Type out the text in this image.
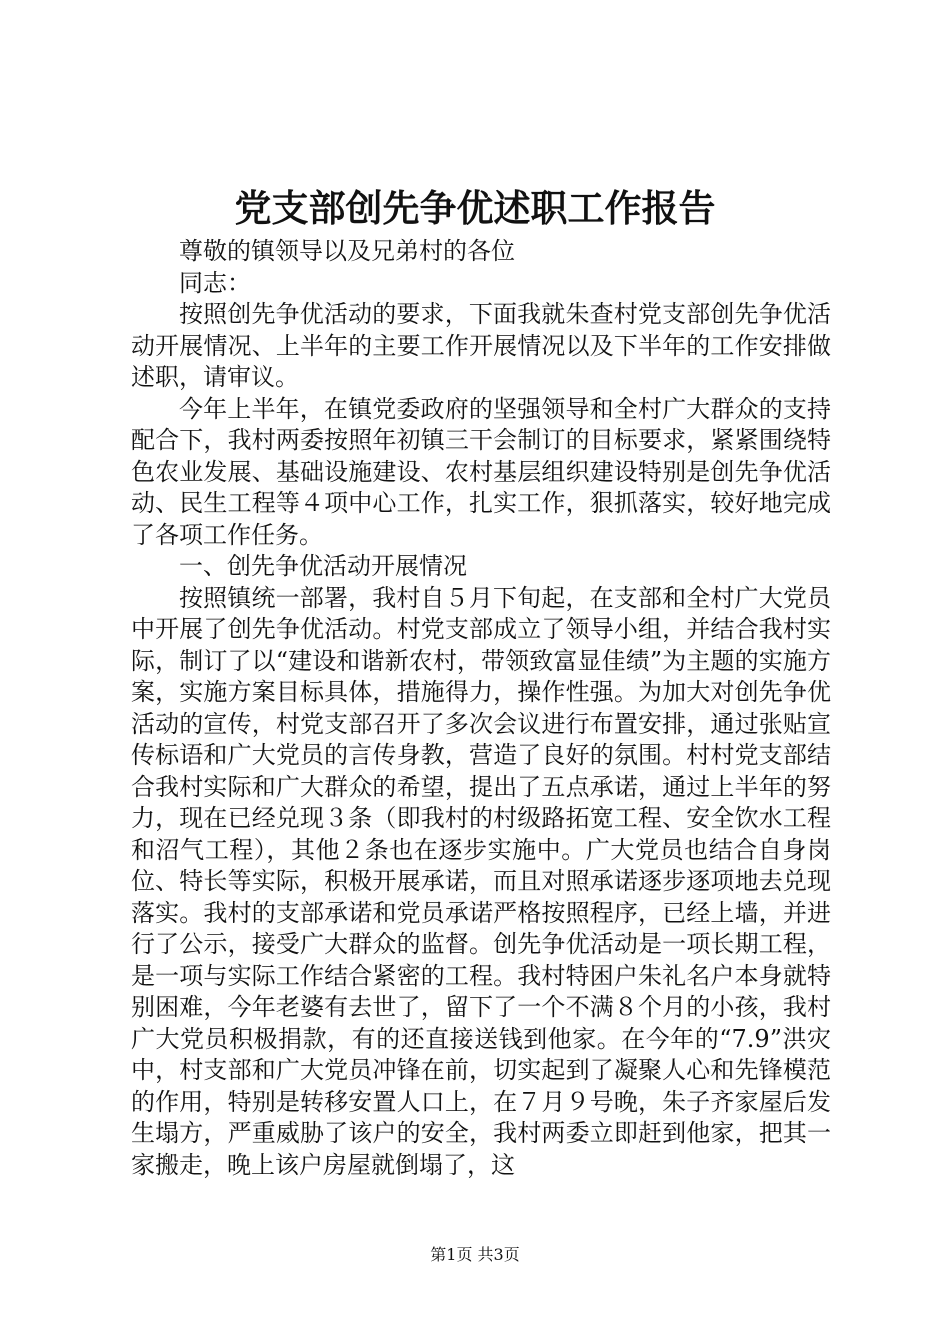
党支部创先争优述职工作报告

尊敬的镇领导以及兄弟村的各位

同志：

按照创先争优活动的要求，下面我就朱查村党支部创先争优活动开展情况、上半年的主要工作开展情况以及下半年的工作安排做述职，请审议。

今年上半年，在镇党委政府的坚强领导和全村广大群众的支持配合下，我村两委按照年初镇三干会制订的目标要求，紧紧围绕特色农业发展、基础设施建设、农村基层组织建设特别是创先争优活动、民生工程等４项中心工作，扎实工作，狠抓落实，较好地完成了各项工作任务。

一、创先争优活动开展情况

按照镇统一部署，我村自５月下旬起，在支部和全村广大党员中开展了创先争优活动。村党支部成立了领导小组，并结合我村实际，制订了以“建设和谐新农村，带领致富显佳绩”为主题的实施方案，实施方案目标具体，措施得力，操作性强。为加大对创先争优活动的宣传，村党支部召开了多次会议进行布置安排，通过张贴宣传标语和广大党员的言传身教，营造了良好的氛围。村村党支部结合我村实际和广大群众的希望，提出了五点承诺，通过上半年的努力，现在已经兑现３条（即我村的村级路拓宽工程、安全饮水工程和沼气工程），其他２条也在逐步实施中。广大党员也结合自身岗位、特长等实际，积极开展承诺，而且对照承诺逐步逐项地去兑现落实。我村的支部承诺和党员承诺严格按照程序，已经上墙，并进行了公示，接受广大群众的监督。创先争优活动是一项长期工程，是一项与实际工作结合紧密的工程。我村特困户朱礼名户本身就特别困难，今年老婆有去世了，留下了一个不满８个月的小孩，我村广大党员积极捐款，有的还直接送钱到他家。在今年的“7.9”洪灾中，村支部和广大党员冲锋在前，切实起到了凝聚人心和先锋模范的作用，特别是转移安置人口上，在７月９号晚，朱子齐家屋后发生塌方，严重威胁了该户的安全，我村两委立即赶到他家，把其一家搬走，晚上该户房屋就倒塌了，这

第1页 共3页
